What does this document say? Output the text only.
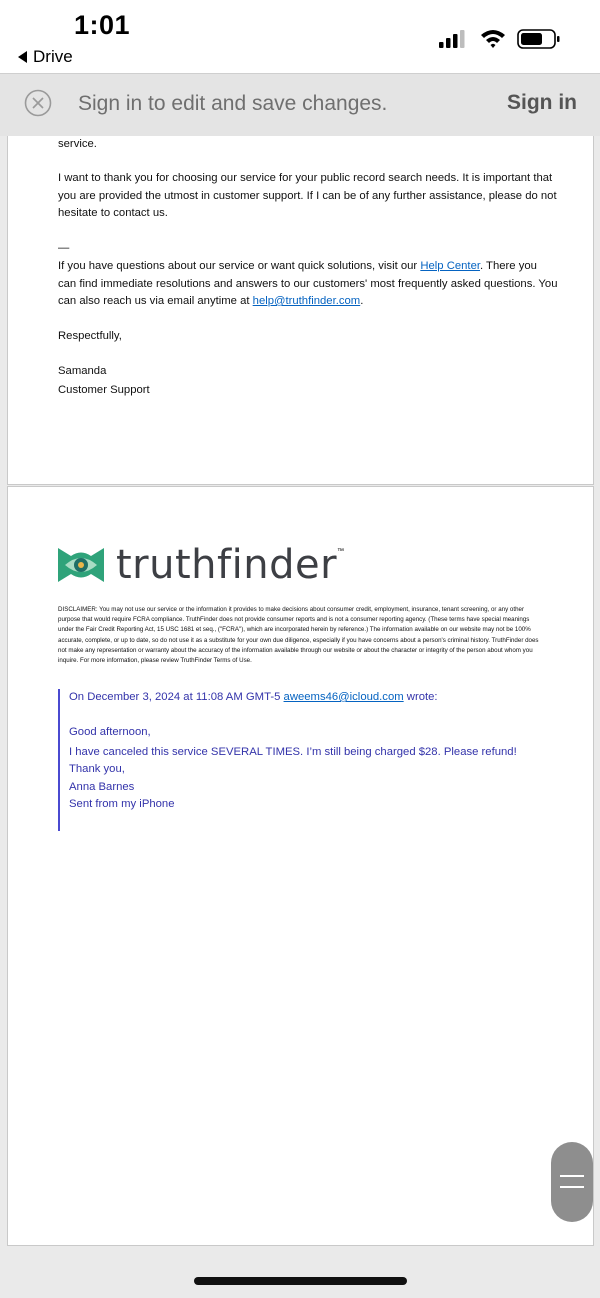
1:01
Drive
Sign in to edit and save changes.	Sign in
service.
I want to thank you for choosing our service for your public record search needs. It is important that you are provided the utmost in customer support. If I can be of any further assistance, please do not hesitate to contact us.
—
If you have questions about our service or want quick solutions, visit our Help Center. There you can find immediate resolutions and answers to our customers' most frequently asked questions. You can also reach us via email anytime at help@truthfinder.com.
Respectfully,
Samanda
Customer Support
truthfinder ™
DISCLAIMER: You may not use our service or the information it provides to make decisions about consumer credit, employment, insurance, tenant screening, or any other purpose that would require FCRA compliance. TruthFinder does not provide consumer reports and is not a consumer reporting agency. (These terms have special meanings under the Fair Credit Reporting Act, 15 USC 1681 et seq., ("FCRA"), which are incorporated herein by reference.) The information available on our website may not be 100% accurate, complete, or up to date, so do not use it as a substitute for your own due diligence, especially if you have concerns about a person's criminal history. TruthFinder does not make any representation or warranty about the accuracy of the information available through our website or about the character or integrity of the person about whom you inquire. For more information, please review TruthFinder Terms of Use.
On December 3, 2024 at 11:08 AM GMT-5 aweems46@icloud.com wrote:
Good afternoon,
I have canceled this service SEVERAL TIMES. I’m still being charged $28. Please refund!
Thank you,
Anna Barnes
Sent from my iPhone
